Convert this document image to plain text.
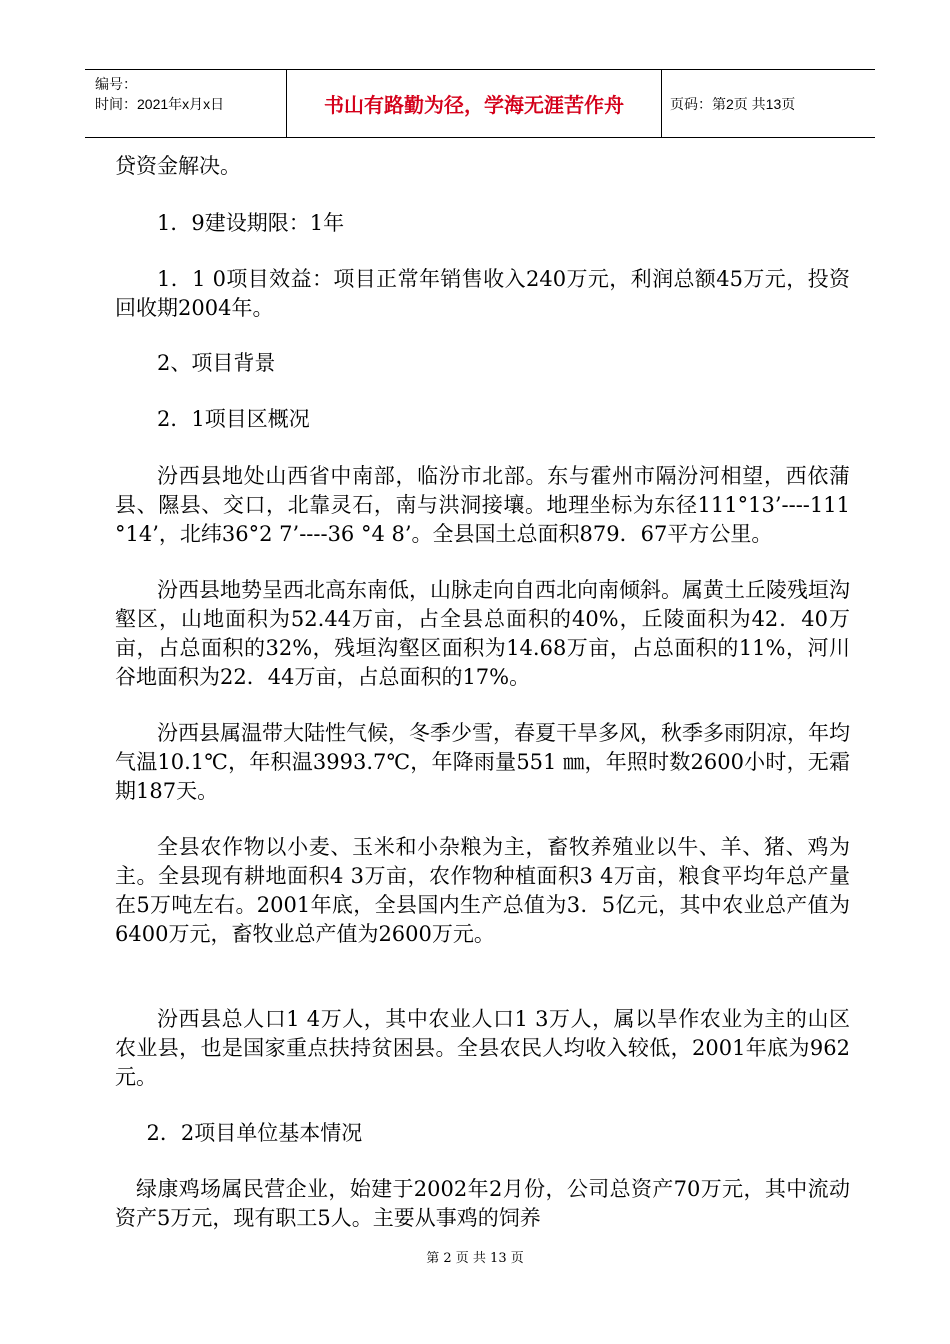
编号：
时间：2021年x月x日	书山有路勤为径，学海无涯苦作舟	页码：第2页 共13页

贷资金解决。

1．9建设期限：1年

1．1 0项目效益：项目正常年销售收入240万元，利润总额45万元，投资回收期2004年。

2、项目背景

2．1项目区概况

汾西县地处山西省中南部，临汾市北部。东与霍州市隔汾河相望，西依蒲县、隰县、交口，北靠灵石，南与洪洞接壤。地理坐标为东径111°13’----111 °14’，北纬36°2 7’----36 °4 8’。全县国土总面积879．67平方公里。

汾西县地势呈西北高东南低，山脉走向自西北向南倾斜。属黄土丘陵残垣沟壑区，山地面积为52.44万亩，占全县总面积的40%，丘陵面积为42．40万亩，占总面积的32%，残垣沟壑区面积为14.68万亩，占总面积的11%，河川谷地面积为22．44万亩，占总面积的17%。

汾西县属温带大陆性气候，冬季少雪，春夏干旱多风，秋季多雨阴凉，年均气温10.1℃，年积温3993.7℃，年降雨量551 ㎜，年照时数2600小时，无霜期187天。

全县农作物以小麦、玉米和小杂粮为主，畜牧养殖业以牛、羊、猪、鸡为主。全县现有耕地面积4 3万亩，农作物种植面积3 4万亩，粮食平均年总产量在5万吨左右。2001年底，全县国内生产总值为3．5亿元，其中农业总产值为6400万元，畜牧业总产值为2600万元。

汾西县总人口1 4万人，其中农业人口1 3万人，属以旱作农业为主的山区农业县，也是国家重点扶持贫困县。全县农民人均收入较低，2001年底为962元。

2．2项目单位基本情况

绿康鸡场属民营企业，始建于2002年2月份，公司总资产70万元，其中流动资产5万元，现有职工5人。主要从事鸡的饲养

第 2 页 共 13 页
